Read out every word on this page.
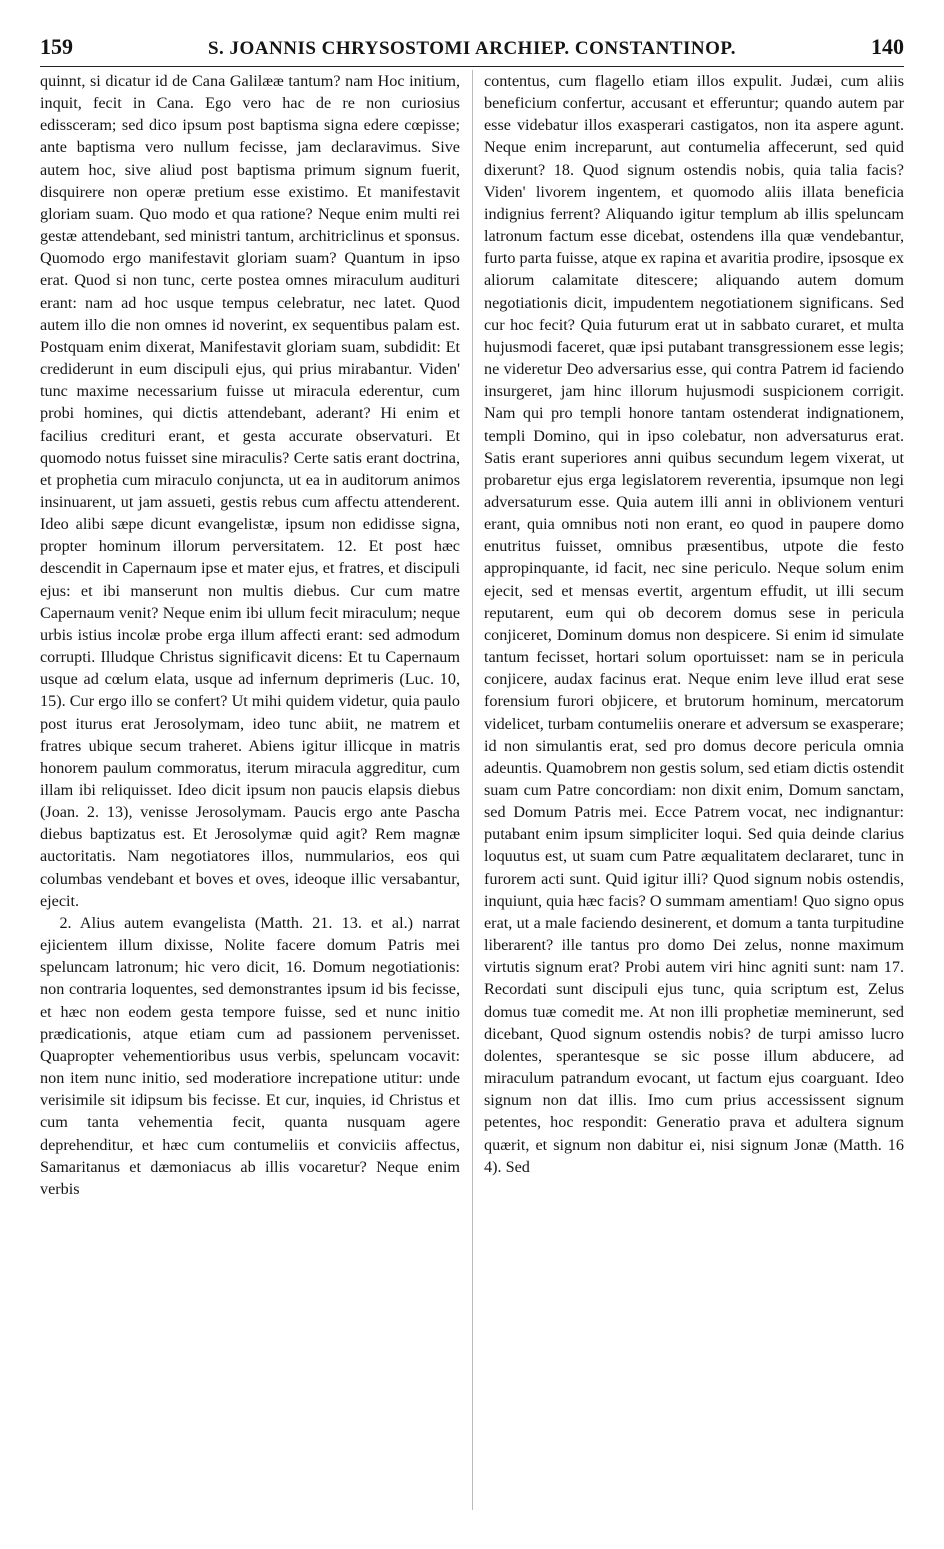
159	S. JOANNIS CHRYSOSTOMI ARCHIEP. CONSTANTINOP.	140

quinnt, si dicatur id de Cana Galilææ tantum? nam Hoc initium, inquit, fecit in Cana. Ego vero hac de re non curiosius edissceram; sed dico ipsum post baptisma signa edere cœpisse; ante baptisma vero nullum fecisse, jam declaravimus. Sive autem hoc, sive aliud post baptisma primum signum fuerit, disquirere non operæ pretium esse existimo. Et manifestavit gloriam suam. Quo modo et qua ratione? Neque enim multi rei gestæ attendebant, sed ministri tantum, architriclinus et sponsus. Quomodo ergo manifestavit gloriam suam? Quantum in ipso erat. Quod si non tunc, certe postea omnes miraculum audituri erant: nam ad hoc usque tempus celebratur, nec latet. Quod autem illo die non omnes id noverint, ex sequentibus palam est. Postquam enim dixerat, Manifestavit gloriam suam, subdidit: Et crediderunt in eum discipuli ejus, qui prius mirabantur. Viden' tunc maxime necessarium fuisse ut miracula ederentur, cum probi homines, qui dictis attendebant, aderant? Hi enim et facilius credituri erant, et gesta accurate observaturi. Et quomodo notus fuisset sine miraculis? Certe satis erant doctrina, et prophetia cum miraculo conjuncta, ut ea in auditorum animos insinuarent, ut jam assueti, gestis rebus cum affectu attenderent. Ideo alibi sæpe dicunt evangelistæ, ipsum non edidisse signa, propter hominum illorum perversitatem. 12. Et post hæc descendit in Capernaum ipse et mater ejus, et fratres, et discipuli ejus: et ibi manserunt non multis diebus. Cur cum matre Capernaum venit? Neque enim ibi ullum fecit miraculum; neque urbis istius incolæ probe erga illum affecti erant: sed admodum corrupti. Illudque Christus significavit dicens: Et tu Capernaum usque ad cœlum elata, usque ad infernum deprimeris (Luc. 10, 15). Cur ergo illo se confert? Ut mihi quidem videtur, quia paulo post iturus erat Jerosolymam, ideo tunc abiit, ne matrem et fratres ubique secum traheret. Abiens igitur illicque in matris honorem paulum commoratus, iterum miracula aggreditur, cum illam ibi reliquisset. Ideo dicit ipsum non paucis elapsis diebus (Joan. 2. 13), venisse Jerosolymam. Paucis ergo ante Pascha diebus baptizatus est. Et Jerosolymæ quid agit? Rem magnæ auctoritatis. Nam negotiatores illos, nummularios, eos qui columbas vendebant et boves et oves, ideoque illic versabantur, ejecit.

2. Alius autem evangelista (Matth. 21. 13. et al.) narrat ejicientem illum dixisse, Nolite facere domum Patris mei speluncam latronum; hic vero dicit, 16. Domum negotiationis: non contraria loquentes, sed demonstrantes ipsum id bis fecisse, et hæc non eodem gesta tempore fuisse, sed et nunc initio prædicationis, atque etiam cum ad passionem pervenisset. Quapropter vehementioribus usus verbis, speluncam vocavit: non item nunc initio, sed moderatiore increpatione utitur: unde verisimile sit idipsum bis fecisse. Et cur, inquies, id Christus et cum tanta vehementia fecit, quanta nusquam agere deprehenditur, et hæc cum contumeliis et conviciis affectus, Samaritanus et dæmoniacus ab illis vocaretur? Neque enim verbis

contentus, cum flagello etiam illos expulit. Judæi, cum aliis beneficium confertur, accusant et efferuntur; quando autem par esse videbatur illos exasperari castigatos, non ita aspere agunt. Neque enim increparunt, aut contumelia affecerunt, sed quid dixerunt? 18. Quod signum ostendis nobis, quia talia facis? Viden' livorem ingentem, et quomodo aliis illata beneficia indignius ferrent? Aliquando igitur templum ab illis speluncam latronum factum esse dicebat, ostendens illa quæ vendebantur, furto parta fuisse, atque ex rapina et avaritia prodire, ipsosque ex aliorum calamitate ditescere; aliquando autem domum negotiationis dicit, impudentem negotiationem significans. Sed cur hoc fecit? Quia futurum erat ut in sabbato curaret, et multa hujusmodi faceret, quæ ipsi putabant transgressionem esse legis; ne videretur Deo adversarius esse, qui contra Patrem id faciendo insurgeret, jam hinc illorum hujusmodi suspicionem corrigit. Nam qui pro templi honore tantam ostenderat indignationem, templi Domino, qui in ipso colebatur, non adversaturus erat. Satis erant superiores anni quibus secundum legem vixerat, ut probaretur ejus erga legislatorem reverentia, ipsumque non legi adversaturum esse. Quia autem illi anni in oblivionem venturi erant, quia omnibus noti non erant, eo quod in paupere domo enutritus fuisset, omnibus præsentibus, utpote die festo appropinquante, id facit, nec sine periculo. Neque solum enim ejecit, sed et mensas evertit, argentum effudit, ut illi secum reputarent, eum qui ob decorem domus sese in pericula conjiceret, Dominum domus non despicere. Si enim id simulate tantum fecisset, hortari solum oportuisset: nam se in pericula conjicere, audax facinus erat. Neque enim leve illud erat sese forensium furori objicere, et brutorum hominum, mercatorum videlicet, turbam contumeliis onerare et adversum se exasperare; id non simulantis erat, sed pro domus decore pericula omnia adeuntis. Quamobrem non gestis solum, sed etiam dictis ostendit suam cum Patre concordiam: non dixit enim, Domum sanctam, sed Domum Patris mei. Ecce Patrem vocat, nec indignantur: putabant enim ipsum simpliciter loqui. Sed quia deinde clarius loquutus est, ut suam cum Patre æqualitatem declararet, tunc in furorem acti sunt. Quid igitur illi? Quod signum nobis ostendis, inquiunt, quia hæc facis? O summam amentiam! Quo signo opus erat, ut a male faciendo desinerent, et domum a tanta turpitudine liberarent? ille tantus pro domo Dei zelus, nonne maximum virtutis signum erat? Probi autem viri hinc agniti sunt: nam 17. Recordati sunt discipuli ejus tunc, quia scriptum est, Zelus domus tuæ comedit me. At non illi prophetiæ meminerunt, sed dicebant, Quod signum ostendis nobis? de turpi amisso lucro dolentes, sperantesque se sic posse illum abducere, ad miraculum patrandum evocant, ut factum ejus coarguant. Ideo signum non dat illis. Imo cum prius accessissent signum petentes, hoc respondit: Generatio prava et adultera signum quærit, et signum non dabitur ei, nisi signum Jonæ (Matth. 16 4). Sed
